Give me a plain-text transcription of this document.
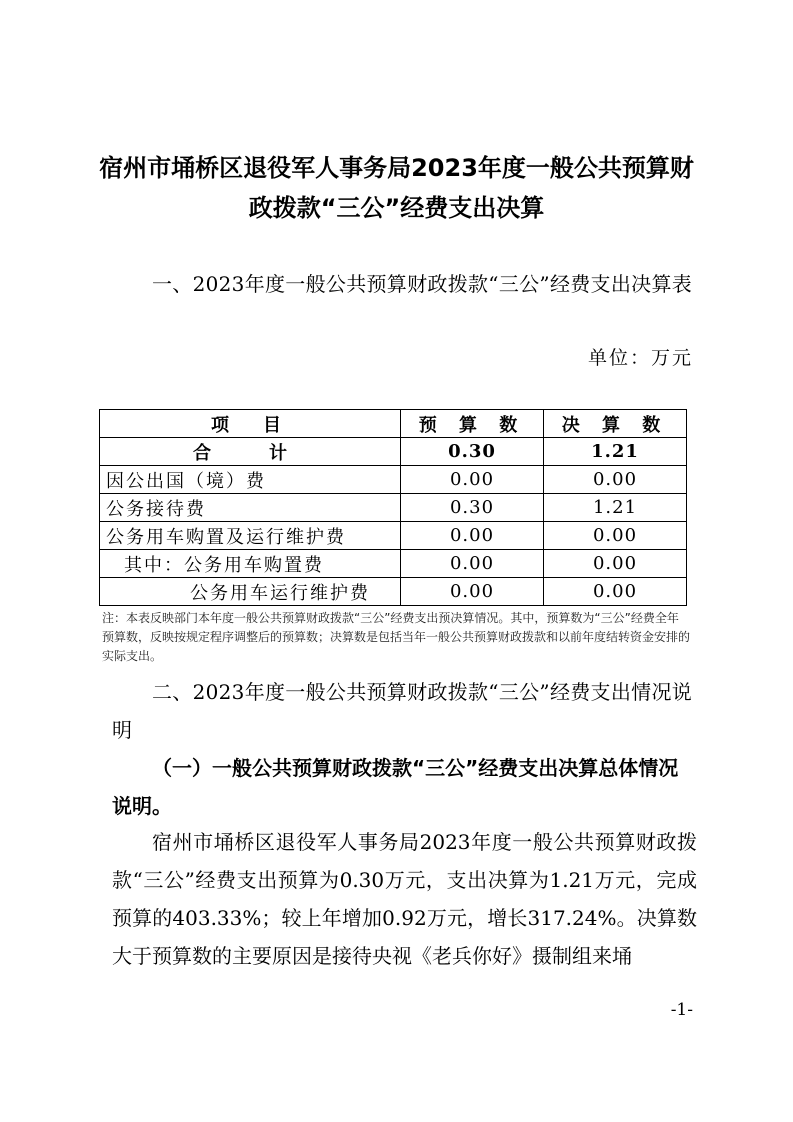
宿州市埇桥区退役军人事务局2023年度一般公共预算财
政拨款“三公”经费支出决算
一、2023年度一般公共预算财政拨款“三公”经费支出决算表
单位：万元
项　目	预 算 数	决 算 数
合　计	0.30	1.21
因公出国（境）费	0.00	0.00
公务接待费	0.30	1.21
公务用车购置及运行维护费	0.00	0.00
其中：公务用车购置费	0.00	0.00
公务用车运行维护费	0.00	0.00
注：本表反映部门本年度一般公共预算财政拨款“三公”经费支出预决算情况。其中，预算数为“三公”经费全年预算数，反映按规定程序调整后的预算数；决算数是包括当年一般公共预算财政拨款和以前年度结转资金安排的实际支出。
二、2023年度一般公共预算财政拨款“三公”经费支出情况说明
（一）一般公共预算财政拨款“三公”经费支出决算总体情况说明。
宿州市埇桥区退役军人事务局2023年度一般公共预算财政拨款“三公”经费支出预算为0.30万元，支出决算为1.21万元，完成预算的403.33%；较上年增加0.92万元，增长317.24%。决算数大于预算数的主要原因是接待央视《老兵你好》摄制组来埇
-1-
